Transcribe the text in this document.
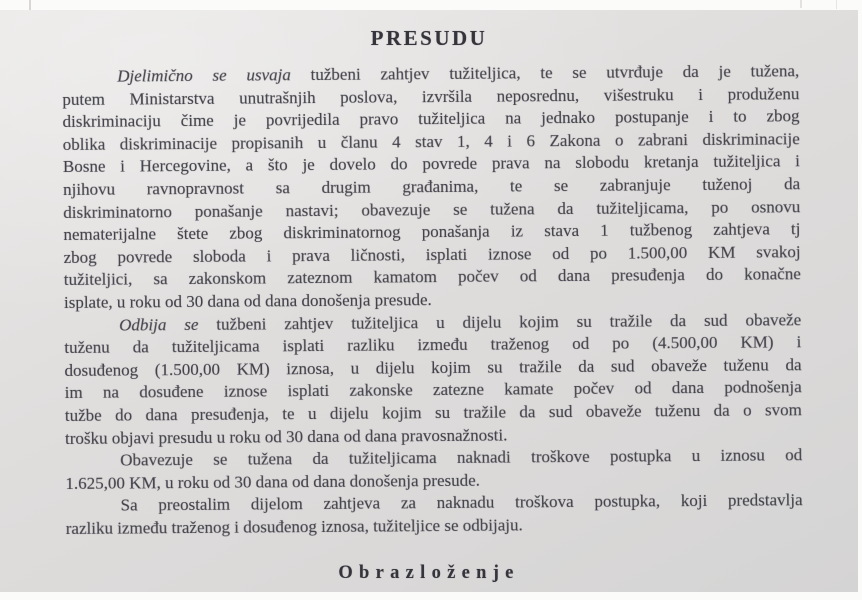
PRESUDU
Djelimično se usvaja tužbeni zahtjev tužiteljica, te se utvrđuje da je tužena,
putem Ministarstva unutrašnjih poslova, izvršila neposrednu, višestruku i produženu
diskriminaciju čime je povrijedila pravo tužiteljica na jednako postupanje i to zbog
oblika diskriminacije propisanih u članu 4 stav 1, 4 i 6 Zakona o zabrani diskriminacije
Bosne i Hercegovine, a što je dovelo do povrede prava na slobodu kretanja tužiteljica i
njihovu ravnopravnost sa drugim građanima, te se zabranjuje tuženoj da
diskriminatorno ponašanje nastavi; obavezuje se tužena da tužiteljicama, po osnovu
nematerijalne štete zbog diskriminatornog ponašanja iz stava 1 tužbenog zahtjeva tj
zbog povrede sloboda i prava ličnosti, isplati iznose od po 1.500,00 KM svakoj
tužiteljici, sa zakonskom zateznom kamatom počev od dana presuđenja do konačne
isplate, u roku od 30 dana od dana donošenja presude.
Odbija se tužbeni zahtjev tužiteljica u dijelu kojim su tražile da sud obaveže
tuženu da tužiteljicama isplati razliku između traženog od po (4.500,00 KM) i
dosuđenog (1.500,00 KM) iznosa, u dijelu kojim su tražile da sud obaveže tuženu da
im na dosuđene iznose isplati zakonske zatezne kamate počev od dana podnošenja
tužbe do dana presuđenja, te u dijelu kojim su tražile da sud obaveže tuženu da o svom
trošku objavi presudu u roku od 30 dana od dana pravosnažnosti.
Obavezuje se tužena da tužiteljicama naknadi troškove postupka u iznosu od
1.625,00 KM, u roku od 30 dana od dana donošenja presude.
Sa preostalim dijelom zahtjeva za naknadu troškova postupka, koji predstavlja
razliku između traženog i dosuđenog iznosa, tužiteljice se odbijaju.
Obrazloženje
